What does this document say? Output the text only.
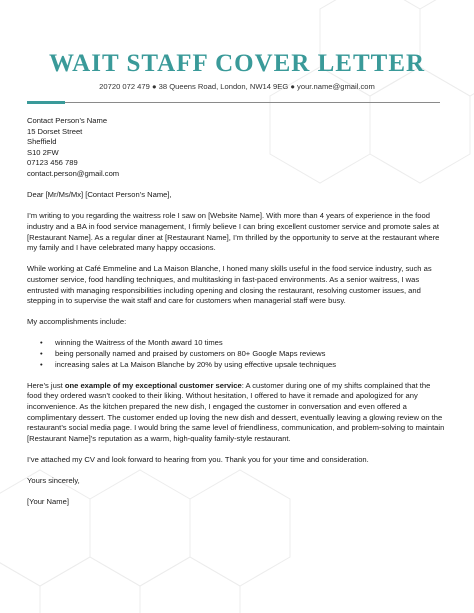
WAIT STAFF COVER LETTER
20720 072 479 ● 38 Queens Road, London, NW14 9EG ● your.name@gmail.com
Contact Person’s Name
15 Dorset Street
Sheffield
S10 2FW
07123 456 789
contact.person@gmail.com

Dear [Mr/Ms/Mx] [Contact Person’s Name],

I’m writing to you regarding the waitress role I saw on [Website Name]. With more than 4 years of experience in the food industry and a BA in food service management, I firmly believe I can bring excellent customer service and promote sales at [Restaurant Name]. As a regular diner at [Restaurant Name], I’m thrilled by the opportunity to serve at the restaurant where my family and I have celebrated many happy occasions.

While working at Café Emmeline and La Maison Blanche, I honed many skills useful in the food service industry, such as customer service, food handling techniques, and multitasking in fast-paced environments. As a senior waitress, I was entrusted with managing responsibilities including opening and closing the restaurant, resolving customer issues, and stepping in to supervise the wait staff and care for customers when managerial staff were busy.

My accomplishments include:

• winning the Waitress of the Month award 10 times
• being personally named and praised by customers on 80+ Google Maps reviews
• increasing sales at La Maison Blanche by 20% by using effective upsale techniques

Here’s just one example of my exceptional customer service: A customer during one of my shifts complained that the food they ordered wasn’t cooked to their liking. Without hesitation, I offered to have it remade and apologized for any inconvenience. As the kitchen prepared the new dish, I engaged the customer in conversation and even offered a complimentary dessert. The customer ended up loving the new dish and dessert, eventually leaving a glowing review on the restaurant’s social media page. I would bring the same level of friendliness, communication, and problem-solving to maintain [Restaurant Name]’s reputation as a warm, high-quality family-style restaurant.

I’ve attached my CV and look forward to hearing from you. Thank you for your time and consideration.

Yours sincerely,

[Your Name]
